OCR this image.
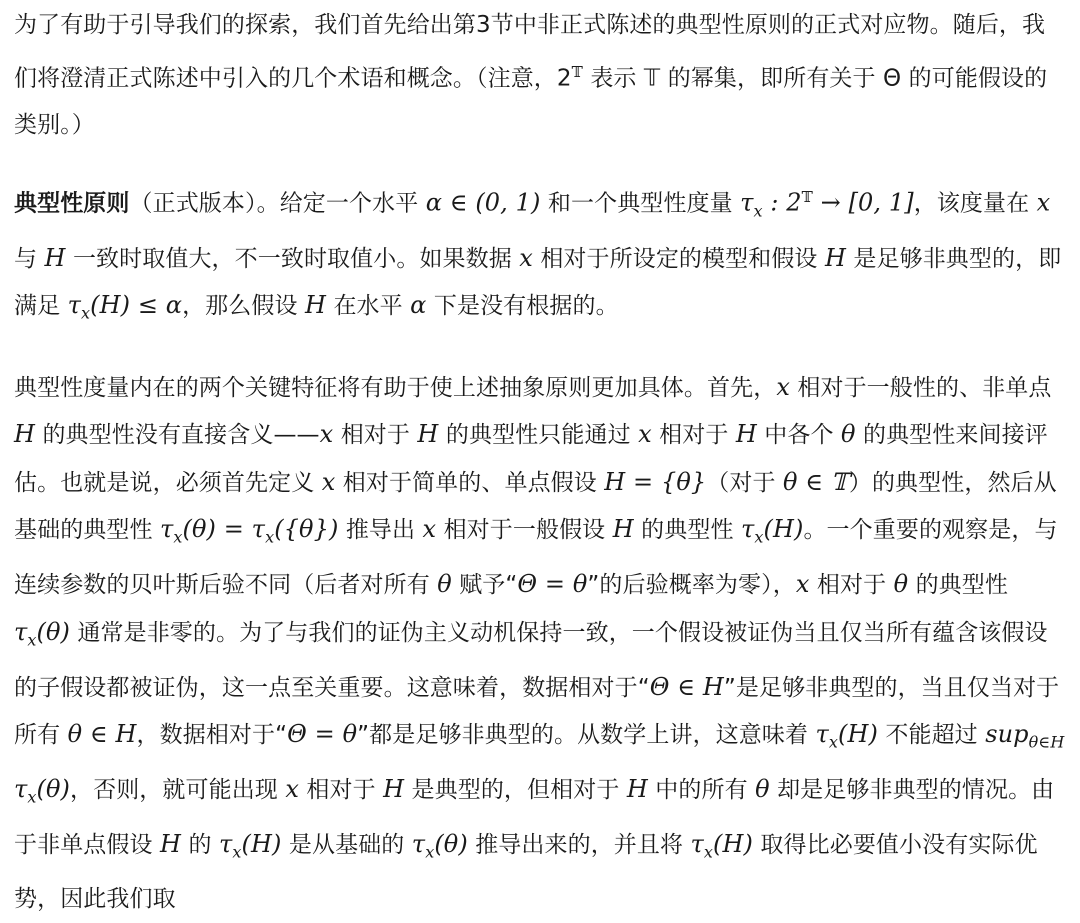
为了有助于引导我们的探索，我们首先给出第3节中非正式陈述的典型性原则的正式对应物。随后，我们将澄清正式陈述中引入的几个术语和概念。（注意，$2^𝕋$ 表示 𝕋 的幂集，即所有关于 Θ 的可能假设的类别。）

典型性原则（正式版本）。给定一个水平 α ∈ (0, 1) 和一个典型性度量 $\tau_x$ : $2^𝕋 \to [0$, 1]，该度量在 x 与 H 一致时取值大，不一致时取值小。如果数据 x 相对于所设定的模型和假设 H 是足够非典型的，即满足 $\tau_x(H) \le \alpha$，那么假设 H 在水平 α 下是没有根据的。

典型性度量内在的两个关键特征将有助于使上述抽象原则更加具体。首先，x 相对于一般性的、非单点 H 的典型性没有直接含义——x 相对于 H 的典型性只能通过 x 相对于 H 中各个 θ 的典型性来间接评估。也就是说，必须首先定义 x 相对于简单的、单点假设 H = {θ}（对于 θ ∈ 𝕋）的典型性，然后从基础的典型性 $\tau_x(\theta) = \tau_x(\{\theta\})$ 推导出 x 相对于一般假设 H 的典型性 $\tau_x(H)$。一个重要的观察是，与连续参数的贝叶斯后验不同（后者对所有 θ 赋予“Θ = θ”的后验概率为零），x 相对于 θ 的典型性 $\tau_x(\theta)$ 通常是非零的。为了与我们的证伪主义动机保持一致，一个假设被证伪当且仅当所有蕴含该假设的子假设都被证伪，这一点至关重要。这意味着，数据相对于“Θ ∈ H”是足够非典型的，当且仅当对于所有 θ ∈ H，数据相对于“Θ = θ”都是足够非典型的。从数学上讲，这意味着 $\tau_x(H)$ 不能超过 sup$_{\theta\in H}$ $\tau_x(\theta)$，否则，就可能出现 x 相对于 H 是典型的，但相对于 H 中的所有 θ 却是足够非典型的情况。由于非单点假设 H 的 $\tau_x(H)$ 是从基础的 $\tau_x(\theta)$ 推导出来的，并且将 $\tau_x(H)$ 取得比必要值小没有实际优势，因此我们取
